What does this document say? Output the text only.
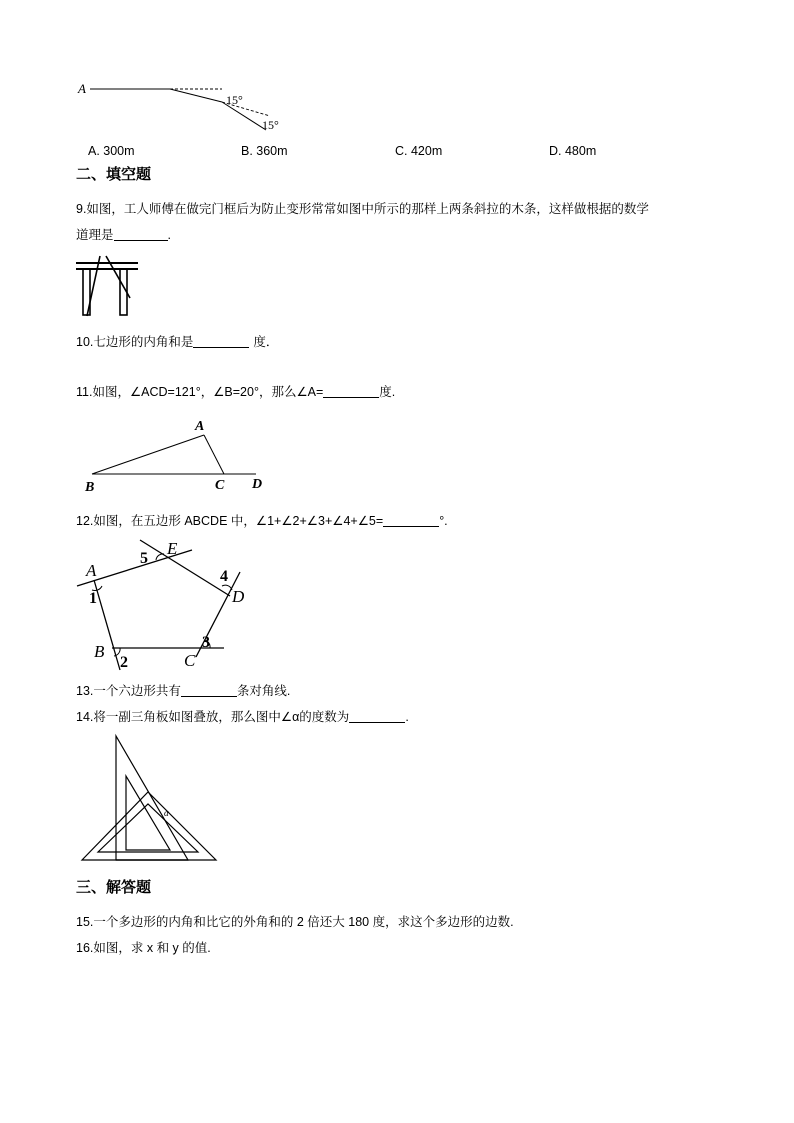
A
15°
15°
A. 300m	B. 360m	C. 420m	D. 480m
二、填空题
9.如图，工人师傅在做完门框后为防止变形常常如图中所示的那样上两条斜拉的木条，这样做根据的数学
道理是	.
10.七边形的内角和是	度．
11.如图，∠ACD=121°，∠B=20°，那么∠A=	度.
A
B	C D
12.如图，在五边形 ABCDE 中，∠1+∠2+∠3+∠4+∠5=	°.
A
B	C
D
E
1
2
3
4
5
13.一个六边形共有	条对角线.
14.将一副三角板如图叠放，那么图中∠α的度数为	.
α
三、解答题
15.一个多边形的内角和比它的外角和的 2 倍还大 180 度，求这个多边形的边数.
16.如图，求 x 和 y 的值.
